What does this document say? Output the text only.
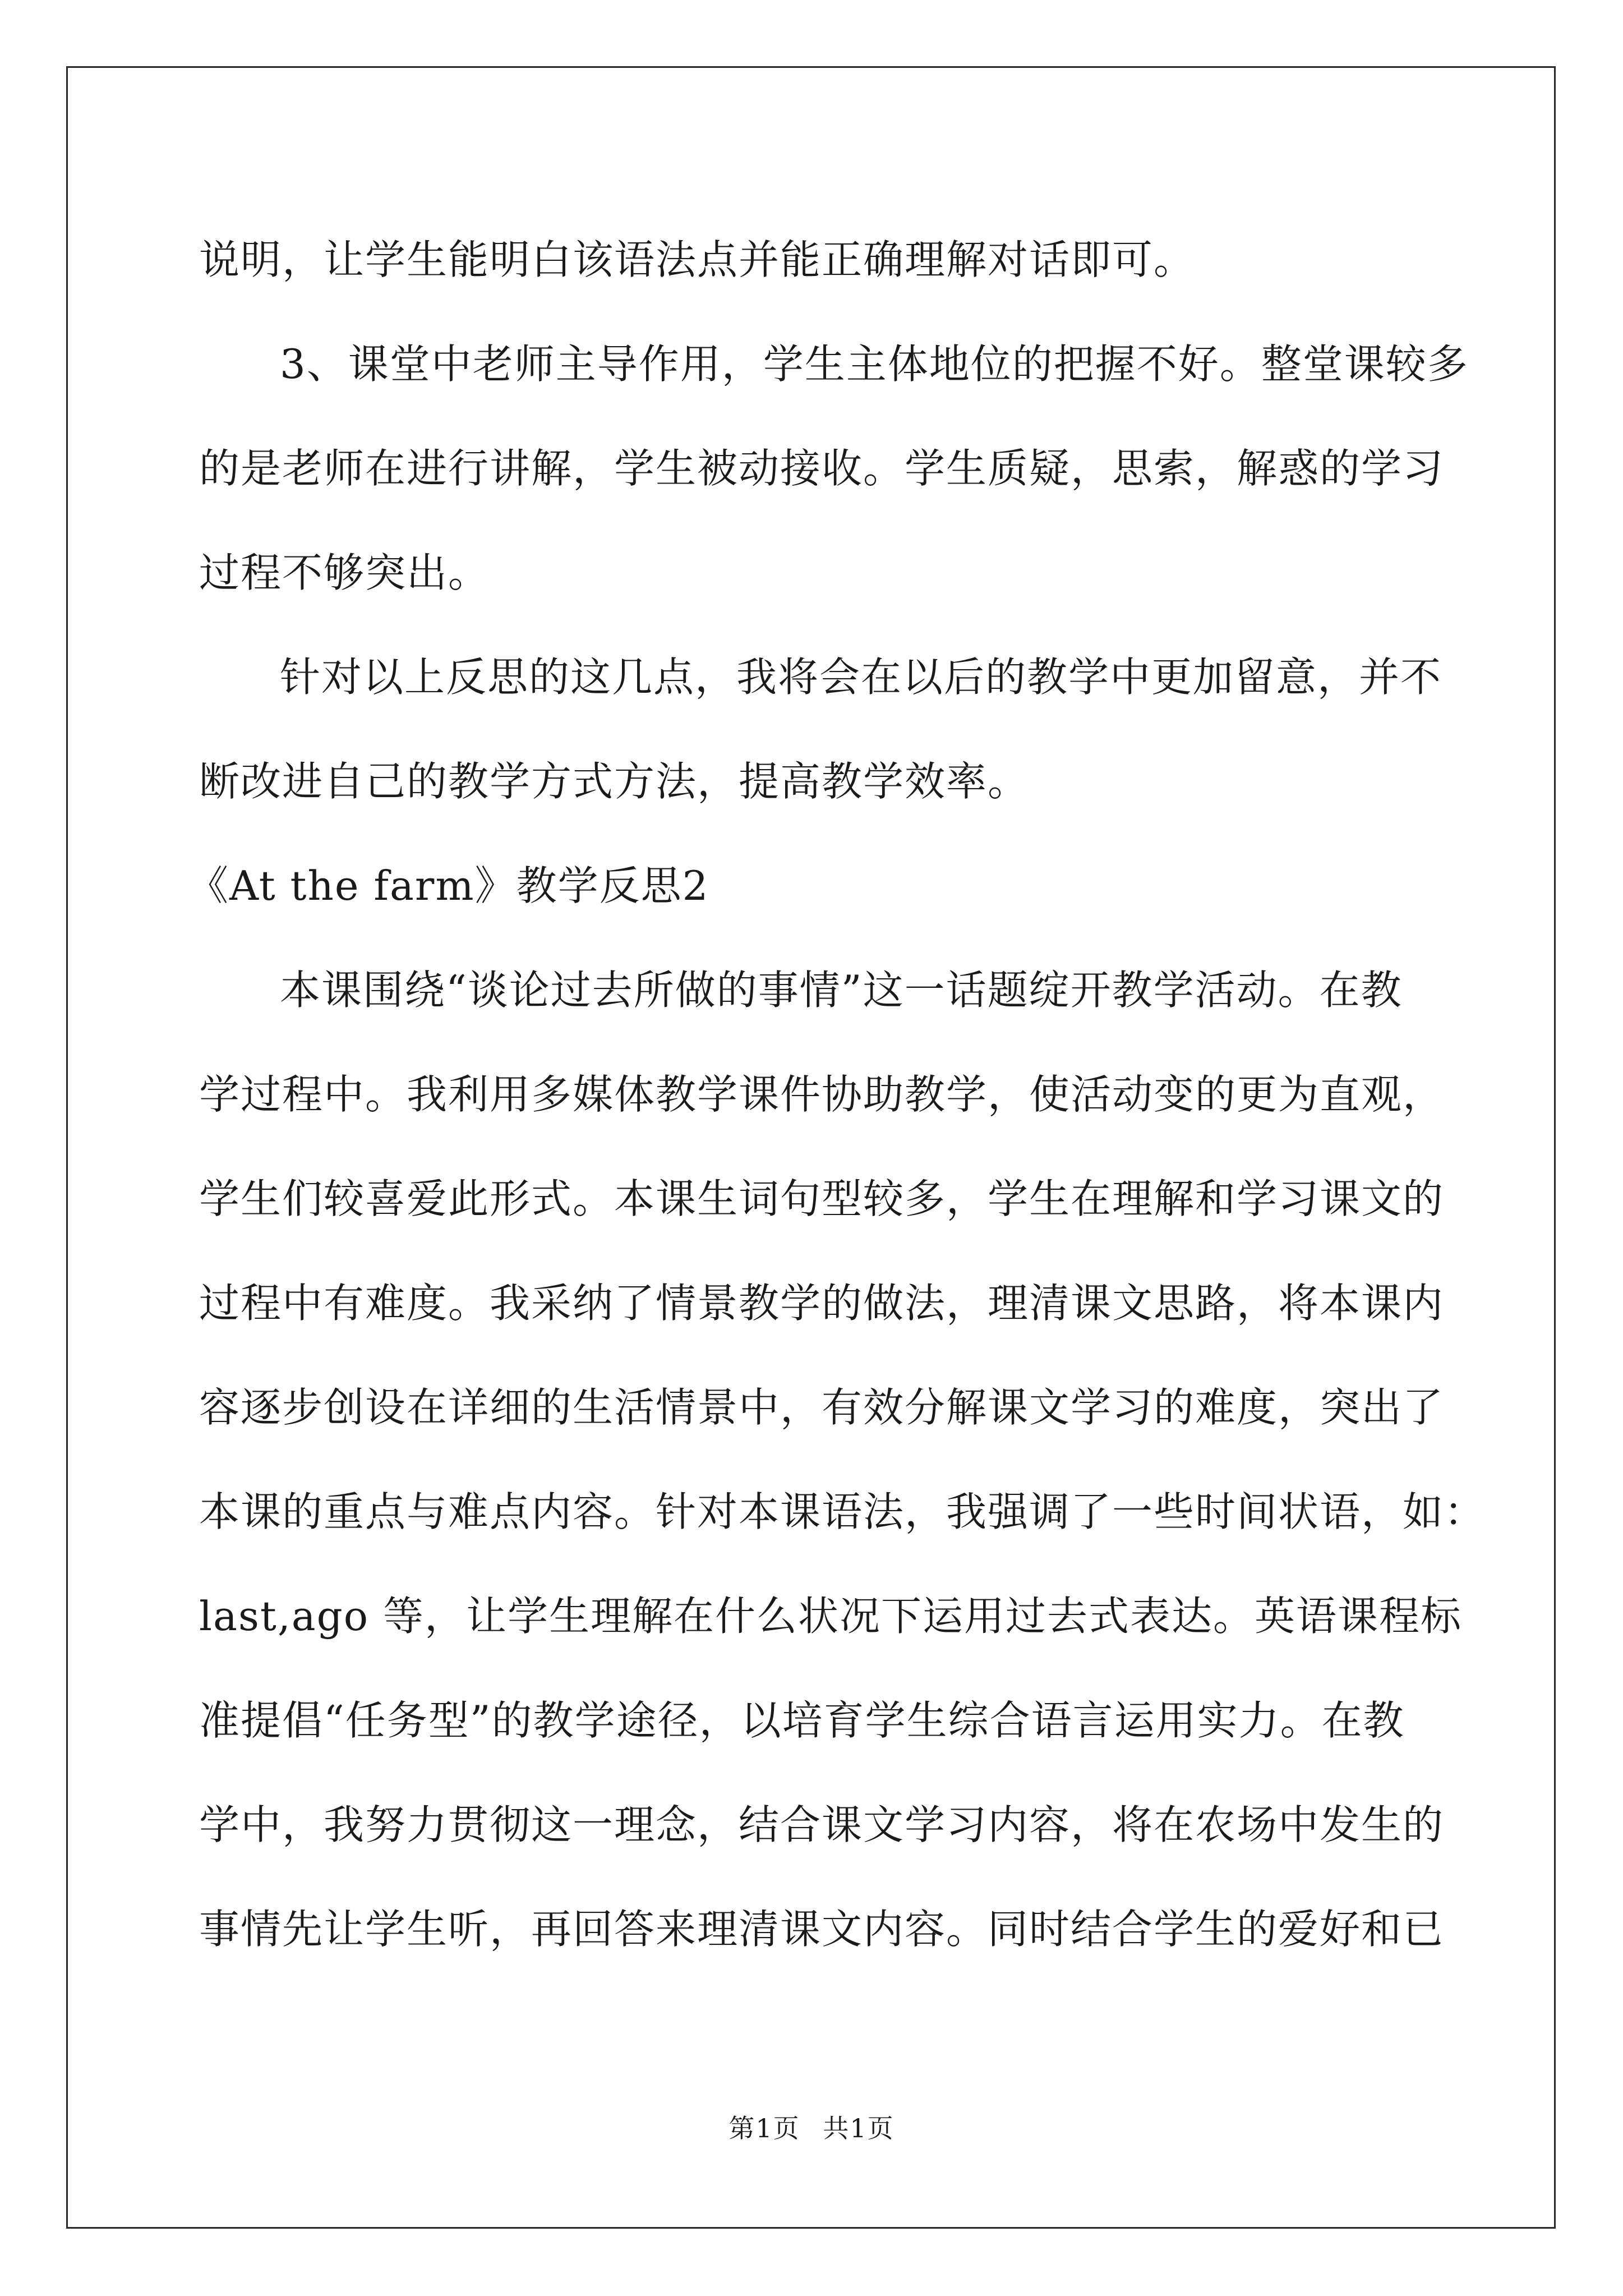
说明，让学生能明白该语法点并能正确理解对话即可。
3、课堂中老师主导作用，学生主体地位的把握不好。整堂课较多
的是老师在进行讲解，学生被动接收。学生质疑，思索，解惑的学习
过程不够突出。
针对以上反思的这几点，我将会在以后的教学中更加留意，并不
断改进自己的教学方式方法，提高教学效率。
《At the farm》教学反思2
本课围绕“谈论过去所做的事情”这一话题绽开教学活动。在教
学过程中。我利用多媒体教学课件协助教学，使活动变的更为直观，
学生们较喜爱此形式。本课生词句型较多，学生在理解和学习课文的
过程中有难度。我采纳了情景教学的做法，理清课文思路，将本课内
容逐步创设在详细的生活情景中，有效分解课文学习的难度，突出了
本课的重点与难点内容。针对本课语法，我强调了一些时间状语，如：
last,ago 等，让学生理解在什么状况下运用过去式表达。英语课程标
准提倡“任务型”的教学途径，以培育学生综合语言运用实力。在教
学中，我努力贯彻这一理念，结合课文学习内容，将在农场中发生的
事情先让学生听，再回答来理清课文内容。同时结合学生的爱好和已
第1页 共1页
